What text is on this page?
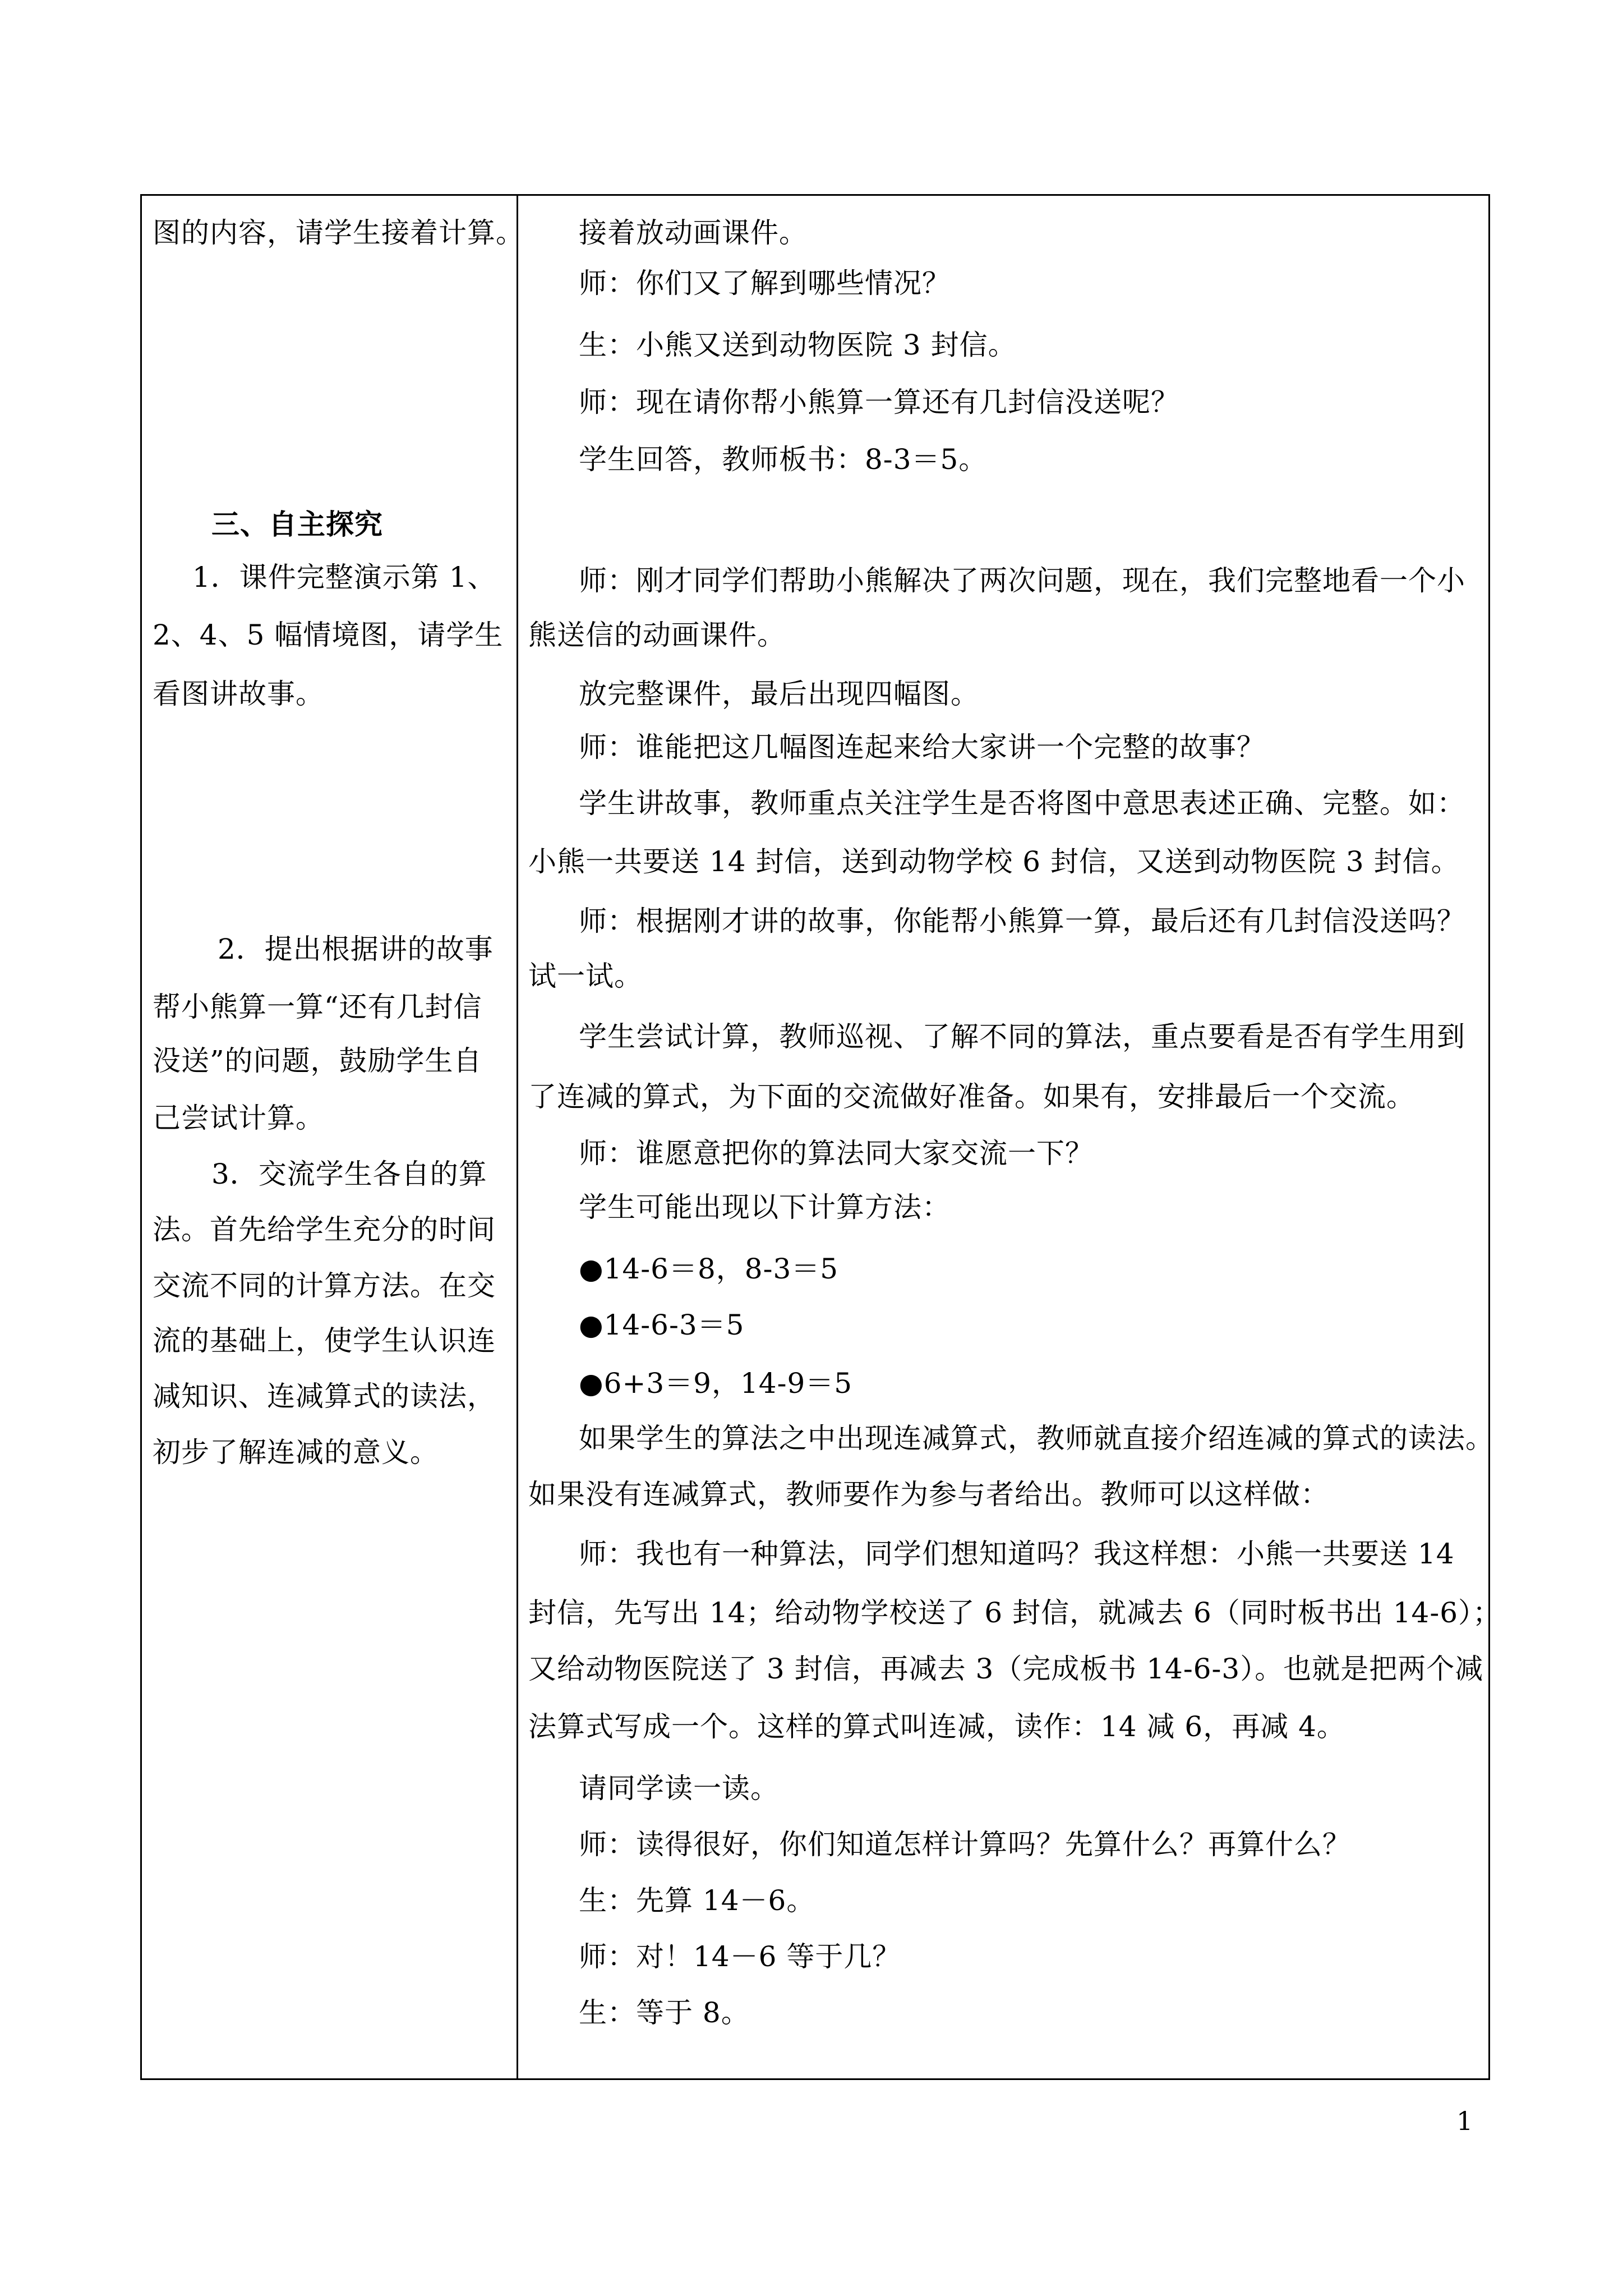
图的内容，请学生接着计算。
三、自主探究
1．课件完整演示第 1、
2、4、5 幅情境图，请学生
看图讲故事。
2．提出根据讲的故事
帮小熊算一算“还有几封信
没送”的问题，鼓励学生自
己尝试计算。
3．交流学生各自的算
法。首先给学生充分的时间
交流不同的计算方法。在交
流的基础上，使学生认识连
减知识、连减算式的读法，
初步了解连减的意义。
接着放动画课件。
师：你们又了解到哪些情况？
生：小熊又送到动物医院 3 封信。
师：现在请你帮小熊算一算还有几封信没送呢？
学生回答，教师板书：8-3＝5。
师：刚才同学们帮助小熊解决了两次问题，现在，我们完整地看一个小
熊送信的动画课件。
放完整课件，最后出现四幅图。
师：谁能把这几幅图连起来给大家讲一个完整的故事？
学生讲故事，教师重点关注学生是否将图中意思表述正确、完整。如：
小熊一共要送 14 封信，送到动物学校 6 封信，又送到动物医院 3 封信。
师：根据刚才讲的故事，你能帮小熊算一算，最后还有几封信没送吗？
试一试。
学生尝试计算，教师巡视、了解不同的算法，重点要看是否有学生用到
了连减的算式，为下面的交流做好准备。如果有，安排最后一个交流。
师：谁愿意把你的算法同大家交流一下？
学生可能出现以下计算方法：
●14-6＝8，8-3＝5
●14-6-3＝5
●6+3＝9，14-9＝5
如果学生的算法之中出现连减算式，教师就直接介绍连减的算式的读法。
如果没有连减算式，教师要作为参与者给出。教师可以这样做：
师：我也有一种算法，同学们想知道吗？我这样想：小熊一共要送 14
封信，先写出 14；给动物学校送了 6 封信，就减去 6（同时板书出 14-6）；
又给动物医院送了 3 封信，再减去 3（完成板书 14-6-3）。也就是把两个减
法算式写成一个。这样的算式叫连减，读作：14 减 6，再减 4。
请同学读一读。
师：读得很好，你们知道怎样计算吗？先算什么？再算什么？
生：先算 14－6。
师：对！14－6 等于几？
生：等于 8。
1
